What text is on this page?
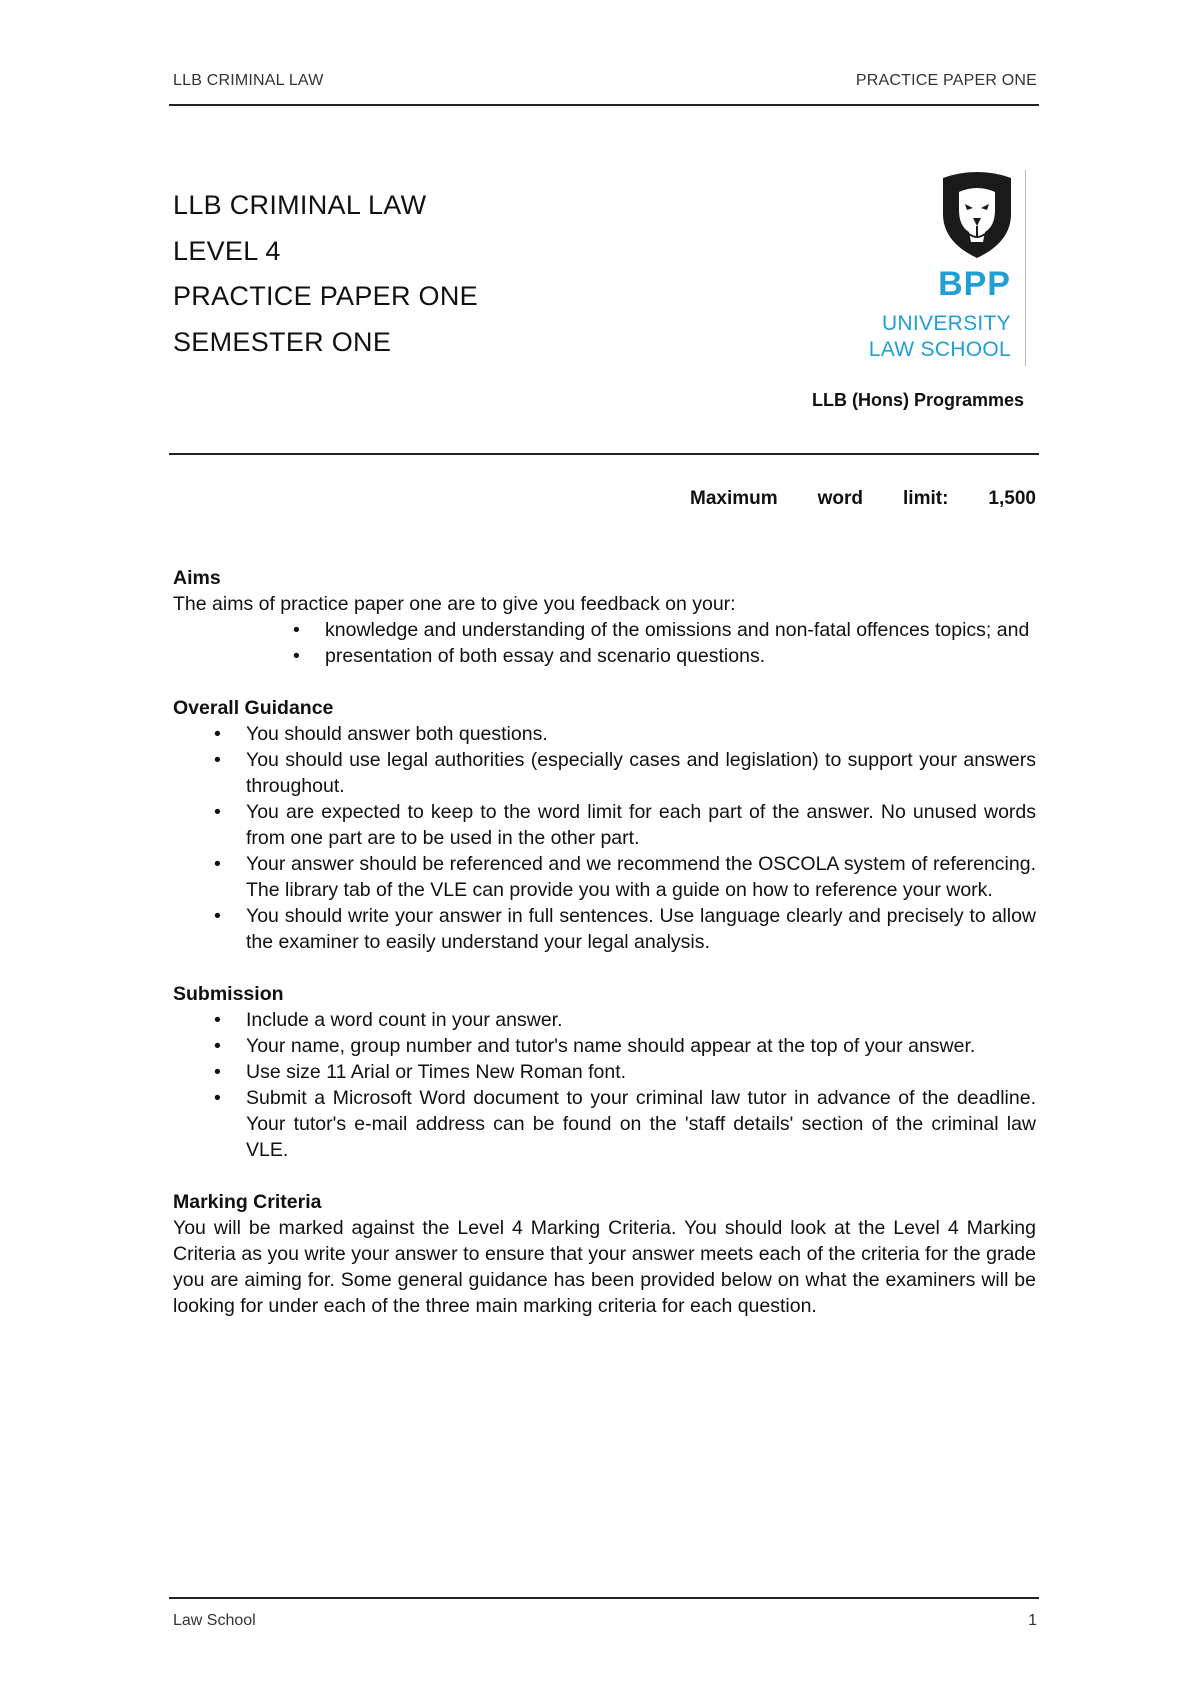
LLB CRIMINAL LAW	PRACTICE PAPER ONE
LLB CRIMINAL LAW
LEVEL 4
PRACTICE PAPER ONE
SEMESTER ONE
BPP
UNIVERSITY
LAW SCHOOL
LLB (Hons) Programmes
Maximum word limit: 1,500

Aims

The aims of practice paper one are to give you feedback on your:

• knowledge and understanding of the omissions and non-fatal offences topics; and
• presentation of both essay and scenario questions.

Overall Guidance

• You should answer both questions.
• You should use legal authorities (especially cases and legislation) to support your answers throughout.
• You are expected to keep to the word limit for each part of the answer. No unused words from one part are to be used in the other part.
• Your answer should be referenced and we recommend the OSCOLA system of referencing. The library tab of the VLE can provide you with a guide on how to reference your work.
• You should write your answer in full sentences. Use language clearly and precisely to allow the examiner to easily understand your legal analysis.

Submission

• Include a word count in your answer.
• Your name, group number and tutor's name should appear at the top of your answer.
• Use size 11 Arial or Times New Roman font.
• Submit a Microsoft Word document to your criminal law tutor in advance of the deadline. Your tutor's e-mail address can be found on the 'staff details' section of the criminal law VLE.

Marking Criteria

You will be marked against the Level 4 Marking Criteria. You should look at the Level 4 Marking Criteria as you write your answer to ensure that your answer meets each of the criteria for the grade you are aiming for. Some general guidance has been provided below on what the examiners will be looking for under each of the three main marking criteria for each question.

Law School	1
